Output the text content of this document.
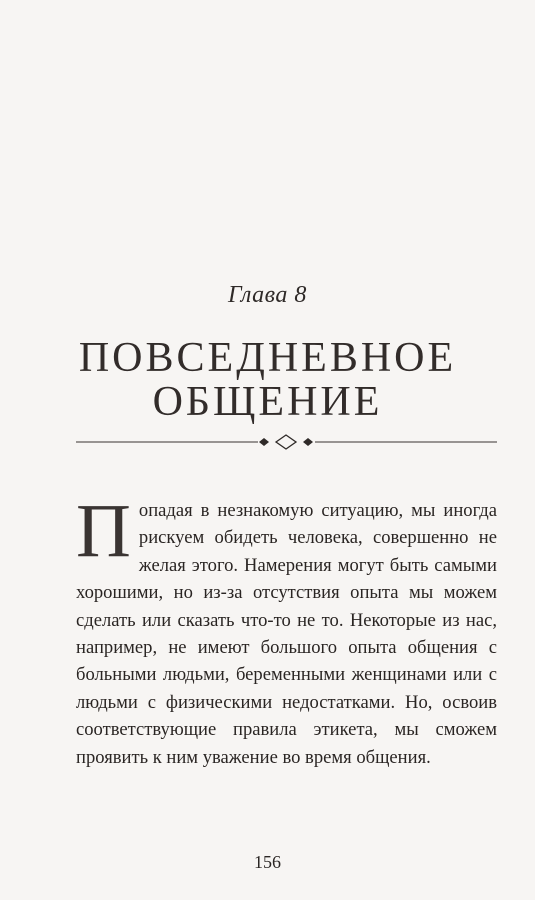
Глава 8
ПОВСЕДНЕВНОЕ
ОБЩЕНИЕ
Попадая в незнакомую ситуацию, мы иногда рискуем обидеть человека, совершенно не желая этого. Намерения могут быть самыми хорошими, но из-за отсутствия опыта мы можем сделать или сказать что-то не то. Некоторые из нас, например, не имеют большого опыта общения с больными людьми, беременными женщинами или с людьми с физическими недостатками. Но, освоив соответствующие правила этикета, мы сможем проявить к ним уважение во время общения.
156
